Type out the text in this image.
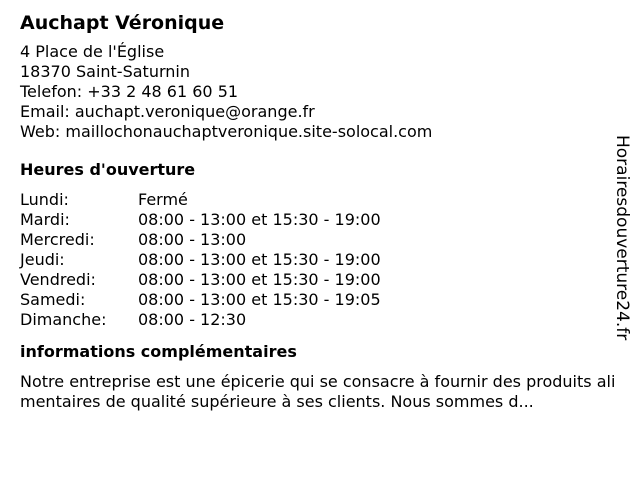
Auchapt Véronique
4 Place de l'Église
18370 Saint-Saturnin
Telefon: +33 2 48 61 60 51
Email: auchapt.veronique@orange.fr
Web: maillochonauchaptveronique.site-solocal.com
Heures d'ouverture
Lundi:	Fermé
Mardi:	08:00 - 13:00 et 15:30 - 19:00
Mercredi:	08:00 - 13:00
Jeudi:	08:00 - 13:00 et 15:30 - 19:00
Vendredi:	08:00 - 13:00 et 15:30 - 19:00
Samedi:	08:00 - 13:00 et 15:30 - 19:05
Dimanche:	08:00 - 12:30
informations complémentaires
Notre entreprise est une épicerie qui se consacre à fournir des produits alimentaires de qualité supérieure à ses clients. Nous sommes d...
Horairesdouverture24.fr
